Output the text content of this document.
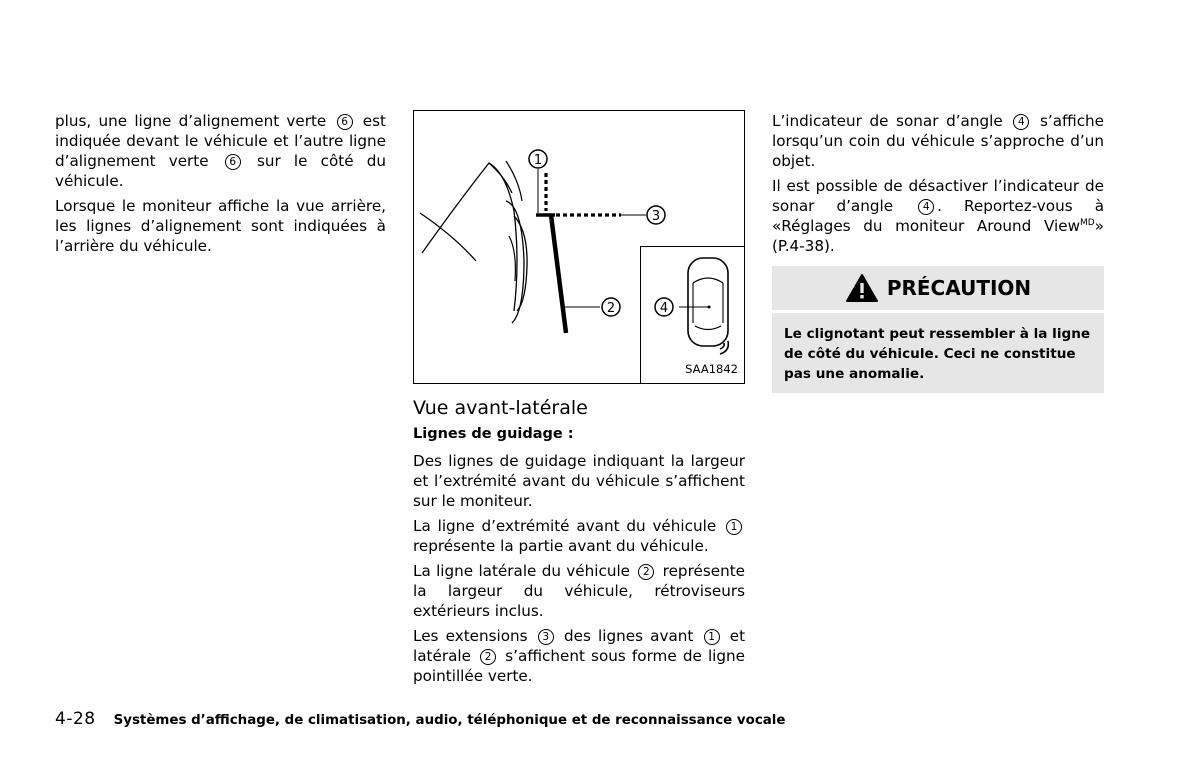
plus, une ligne d’alignement verte 6 est indiquée devant le véhicule et l’autre ligne d’alignement verte 6 sur le côté du véhicule.

Lorsque le moniteur affiche la vue arrière, les lignes d’alignement sont indiquées à l’arrière du véhicule.

1
3
2	4
SAA1842
Vue avant-latérale

Lignes de guidage :

Des lignes de guidage indiquant la largeur et l’extrémité avant du véhicule s’affichent sur le moniteur.

La ligne d’extrémité avant du véhicule 1 représente la partie avant du véhicule.

La ligne latérale du véhicule 2 représente la largeur du véhicule, rétroviseurs extérieurs inclus.

Les extensions 3 des lignes avant 1 et latérale 2 s’affichent sous forme de ligne pointillée verte.

L’indicateur de sonar d’angle 4 s’affiche lorsqu’un coin du véhicule s’approche d’un objet.

Il est possible de désactiver l’indicateur de sonar d’angle	4 . Reportez-vous à «Réglages du moniteur Around View$^{MD}$» (P.4-38).

PRÉCAUTION
Le clignotant peut ressembler à la ligne de côté du véhicule. Ceci ne constitue pas une anomalie.
4-28 Systèmes d’affichage, de climatisation, audio, téléphonique et de reconnaissance vocale
